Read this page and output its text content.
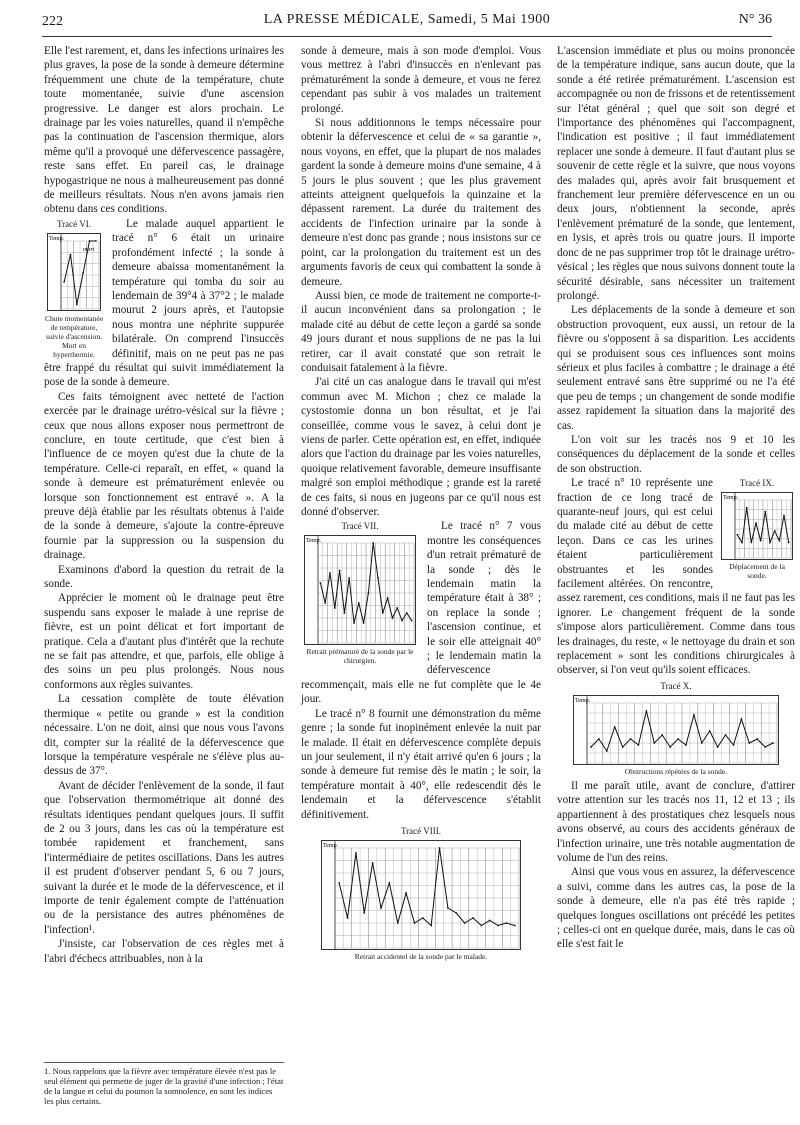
222	LA PRESSE MÉDICALE, Samedi, 5 Mai 1900	N° 36

Elle l'est rarement, et, dans les infections urinaires les plus graves, la pose de la sonde à demeure détermine fréquemment une chute de la température, chute toute momentanée, suivie d'une ascension progressive. Le danger est alors prochain. Le drainage par les voies naturelles, quand il n'empêche pas la continuation de l'ascension thermique, alors même qu'il a provoqué une défervescence passagère, reste sans effet. En pareil cas, le drainage hypogastrique ne nous a malheureusement pas donné de meilleurs résultats. Nous n'en avons jamais rien obtenu dans ces conditions.

Tracé VI.
Temp.
mort
Chute momentanée de température, suivie d'ascension. Mort en hyperthermie.

Le malade auquel appartient le tracé n° 6 était un urinaire profondément infecté ; la sonde à demeure abaissa momentanément la température qui tomba du soir au lendemain de 39°4 à 37°2 ; le malade mourut 2 jours après, et l'autopsie nous montra une néphrite suppurée bilatérale. On comprend l'insuccès définitif, mais on ne peut pas ne pas être frappé du résultat qui suivit immédiatement la pose de la sonde à demeure.

Ces faits témoignent avec netteté de l'action exercée par le drainage urétro-vésical sur la fièvre ; ceux que nous allons exposer nous permettront de conclure, en toute certitude, que c'est bien à l'influence de ce moyen qu'est due la chute de la température. Celle-ci reparaît, en effet, « quand la sonde à demeure est prématurément enlevée ou lorsque son fonctionnement est entravé ». A la preuve déjà établie par les résultats obtenus à l'aide de la sonde à demeure, s'ajoute la contre-épreuve fournie par la suppression ou la suspension du drainage.

Examinons d'abord la question du retrait de la sonde.

Apprécier le moment où le drainage peut être suspendu sans exposer le malade à une reprise de fièvre, est un point délicat et fort important de pratique. Cela a d'autant plus d'intérêt que la rechute ne se fait pas attendre, et que, parfois, elle oblige à des soins un peu plus prolongés. Nous nous conformons aux règles suivantes.

La cessation complète de toute élévation thermique « petite ou grande » est la condition nécessaire. L'on ne doit, ainsi que nous vous l'avons dit, compter sur la réalité de la défervescence que lorsque la température vespérale ne s'élève plus au-dessus de 37°.

Avant de décider l'enlèvement de la sonde, il faut que l'observation thermométrique ait donné des résultats identiques pendant quelques jours. Il suffit de 2 ou 3 jours, dans les cas où la température est tombée rapidement et franchement, sans l'intermédiaire de petites oscillations. Dans les autres il est prudent d'observer pendant 5, 6 ou 7 jours, suivant la durée et le mode de la défervescence, et il importe de tenir également compte de l'atténuation ou de la persistance des autres phénomènes de l'infection¹.

J'insiste, car l'observation de ces règles met à l'abri d'échecs attribuables, non à la

1. Nous rappelons que la fièvre avec température élevée n'est pas le seul élément qui permette de juger de la gravité d'une infection ; l'état de la langue et celui du poumon la somnolence, en sont les indices les plus certains.

sonde à demeure, mais à son mode d'emploi. Vous vous mettrez à l'abri d'insuccès en n'enlevant pas prématurément la sonde à demeure, et vous ne ferez cependant pas subir à vos malades un traitement prolongé.

Si nous additionnons le temps nécessaire pour obtenir la défervescence et celui de « sa garantie », nous voyons, en effet, que la plupart de nos malades gardent la sonde à demeure moins d'une semaine, 4 à 5 jours le plus souvent ; que les plus gravement atteints atteignent quelquefois la quinzaine et la dépassent rarement. La durée du traitement des accidents de l'infection urinaire par la sonde à demeure n'est donc pas grande ; nous insistons sur ce point, car la prolongation du traitement est un des arguments favoris de ceux qui combattent la sonde à demeure.

Aussi bien, ce mode de traitement ne comporte-t-il aucun inconvénient dans sa prolongation ; le malade cité au début de cette leçon a gardé sa sonde 49 jours durant et nous supplions de ne pas la lui retirer, car il avait constaté que son retrait le conduisait fatalement à la fièvre.

J'ai cité un cas analogue dans le travail qui m'est commun avec M. Michon ; chez ce malade la cystostomie donna un bon résultat, et je l'ai conseillée, comme vous le savez, à celui dont je viens de parler. Cette opération est, en effet, indiquée alors que l'action du drainage par les voies naturelles, quoique relativement favorable, demeure insuffisante malgré son emploi méthodique ; grande est la rareté de ces faits, si nous en jugeons par ce qu'il nous est donné d'observer.

Tracé VII.
Temp.
Retrait prématuré de la sonde par le chirurgien.

Le tracé n° 7 vous montre les conséquences d'un retrait prématuré de la sonde ; dès le lendemain matin la température était à 38° ; on replace la sonde ; l'ascension continue, et le soir elle atteignait 40° ; le lendemain matin la défervescence recommençait, mais elle ne fut complète que le 4e jour.

Le tracé n° 8 fournit une démonstration du même genre ; la sonde fut inopinément enlevée la nuit par le malade. Il était en défervescence complète depuis un jour seulement, il n'y était arrivé qu'en 6 jours ; la sonde à demeure fut remise dès le matin ; le soir, la température montait à 40°, elle redescendit dès le lendemain et la défervescence s'établit définitivement.

Tracé VIII.
Temp.
Retrait accidentel de la sonde par le malade.

L'ascension immédiate et plus ou moins prononcée de la température indique, sans aucun doute, que la sonde a été retirée prématurément. L'ascension est accompagnée ou non de frissons et de retentissement sur l'état général ; quel que soit son degré et l'importance des phénomènes qui l'accompagnent, l'indication est positive ; il faut immédiatement replacer une sonde à demeure. Il faut d'autant plus se souvenir de cette règle et la suivre, que nous voyons des malades qui, après avoir fait brusquement et franchement leur première défervescence en un ou deux jours, n'obtiennent la seconde, après l'enlèvement prématuré de la sonde, que lentement, en lysis, et après trois ou quatre jours. Il importe donc de ne pas supprimer trop tôt le drainage urétro-vésical ; les règles que nous suivons donnent toute la sécurité désirable, sans nécessiter un traitement prolongé.

Les déplacements de la sonde à demeure et son obstruction provoquent, eux aussi, un retour de la fièvre ou s'opposent à sa disparition. Les accidents qui se produisent sous ces influences sont moins sérieux et plus faciles à combattre ; le drainage a été seulement entravé sans être supprimé ou ne l'a été que peu de temps ; un changement de sonde modifie assez rapidement la situation dans la majorité des cas.

L'on voit sur les tracés nos 9 et 10 les conséquences du déplacement de la sonde et celles de son obstruction.

Tracé IX.
Temp.
Déplacement de la sonde.

Le tracé n° 10 représente une fraction de ce long tracé de quarante-neuf jours, qui est celui du malade cité au début de cette leçon. Dans ce cas les urines étaient particulièrement obstruantes et les sondes facilement altérées. On rencontre, assez rarement, ces conditions, mais il ne faut pas les ignorer. Le changement fréquent de la sonde s'impose alors particulièrement. Comme dans tous les drainages, du reste, « le nettoyage du drain et son replacement » sont les conditions chirurgicales à observer, si l'on veut qu'ils soient efficaces.

Tracé X.
Temp.
Obstructions répétées de la sonde.

Il me paraît utile, avant de conclure, d'attirer votre attention sur les tracés nos 11, 12 et 13 ; ils appartiennent à des prostatiques chez lesquels nous avons observé, au cours des accidents généraux de l'infection urinaire, une très notable augmentation de volume de l'un des reins.

Ainsi que vous vous en assurez, la défervescence a suivi, comme dans les autres cas, la pose de la sonde à demeure, elle n'a pas été très rapide ; quelques longues oscillations ont précédé les petites ; celles-ci ont en quelque durée, mais, dans le cas où elle s'est fait le
